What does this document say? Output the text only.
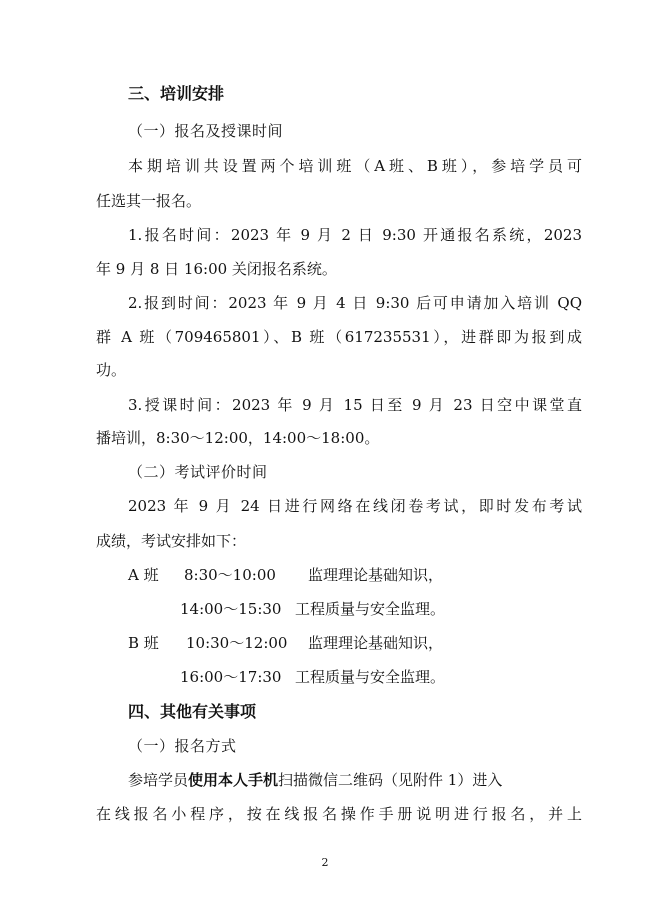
三、培训安排
（一）报名及授课时间
本期培训共设置两个培训班（A班、B班），参培学员可
任选其一报名。
1.报名时间：2023 年 9 月 2 日 9:30 开通报名系统，2023
年 9 月 8 日 16:00 关闭报名系统。
2.报到时间：2023 年 9 月 4 日 9:30 后可申请加入培训 QQ
群 A 班（709465801）、B 班（617235531），进群即为报到成
功。
3.授课时间：2023 年 9 月 15 日至 9 月 23 日空中课堂直
播培训，8:30～12:00，14:00～18:00。
（二）考试评价时间
2023 年 9 月 24 日进行网络在线闭卷考试，即时发布考试
成绩，考试安排如下：
A 班 8:30～10:00 监理理论基础知识，
14:00～15:30 工程质量与安全监理。
B 班 10:30～12:00 监理理论基础知识，
16:00～17:30 工程质量与安全监理。
四、其他有关事项
（一）报名方式
参培学员使用本人手机扫描微信二维码（见附件 1）进入
在线报名小程序，按在线报名操作手册说明进行报名，并上
2
